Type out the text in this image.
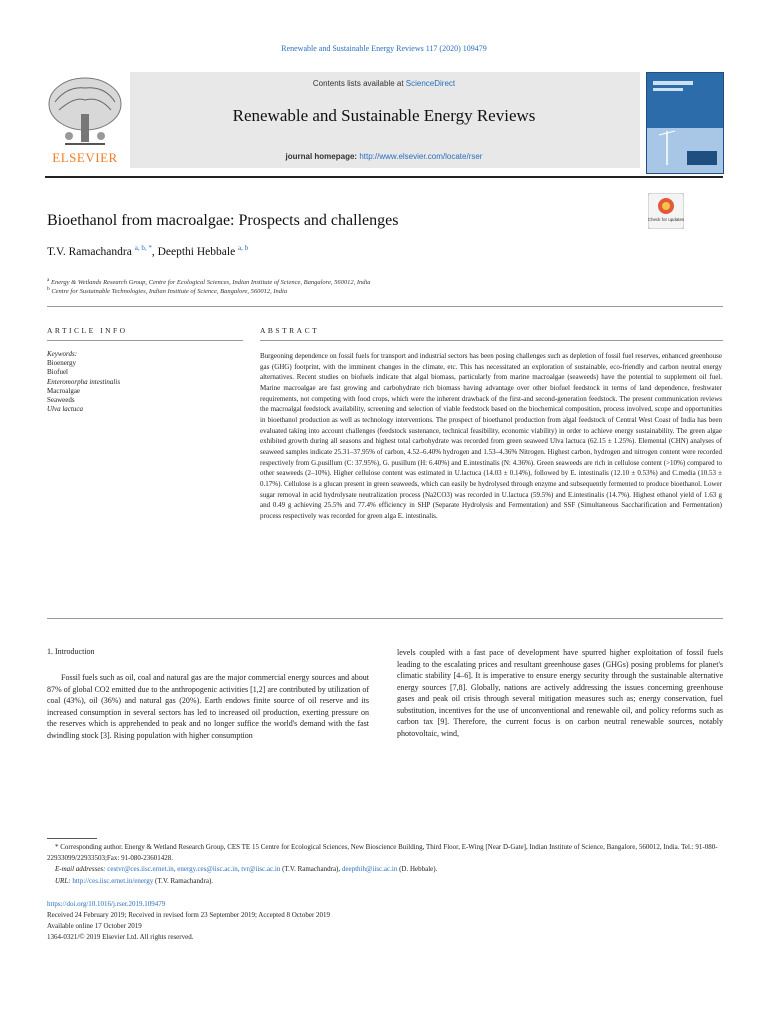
Renewable and Sustainable Energy Reviews 117 (2020) 109479
Contents lists available at ScienceDirect
Renewable and Sustainable Energy Reviews
journal homepage: http://www.elsevier.com/locate/rser
ELSEVIER
Bioethanol from macroalgae: Prospects and challenges	Check for updates
T.V. Ramachandra $^{a, b, *}$, Deepthi Hebbale $^{a, b}$
$^a$ Energy & Wetlands Research Group, Centre for Ecological Sciences, Indian Institute of Science, Bangalore, 560012, India
$^b$ Centre for Sustainable Technologies, Indian Institute of Science, Bangalore, 560012, India
ARTICLE INFO	ABSTRACT
Keywords:
Bioenergy
Biofuel
Enteromorpha intestinalis
Macroalgae
Seaweeds
Ulva lactuca
Burgeoning dependence on fossil fuels for transport and industrial sectors has been posing challenges such as depletion of fossil fuel reserves, enhanced greenhouse gas (GHG) footprint, with the imminent changes in the climate, etc. This has necessitated an exploration of sustainable, eco-friendly and carbon neutral energy alternatives. Recent studies on biofuels indicate that algal biomass, particularly from marine macroalgae (seaweeds) have the potential to supplement oil fuel. Marine macroalgae are fast growing and carbohydrate rich biomass having advantage over other biofuel feedstock in terms of land dependence, freshwater requirements, not competing with food crops, which were the inherent drawback of the first-and second-generation feedstock. The present communication reviews the macroalgal feedstock availability, screening and selection of viable feedstock based on the biochemical composition, process involved, scope and opportunities in bioethanol production as well as technology interventions. The prospect of bioethanol production from algal feedstock of Central West Coast of India has been evaluated taking into account challenges (feedstock sustenance, technical feasibility, economic viability) in order to achieve energy sustainability. The green algae exhibited growth during all seasons and highest total carbohydrate was recorded from green seaweed Ulva lactuca (62.15 ± 1.25%). Elemental (CHN) analyses of seaweed samples indicate 25.31–37.95% of carbon, 4.52–6.40% hydrogen and 1.53–4.36% Nitrogen. Highest carbon, hydrogen and nitrogen content were recorded respectively from G.pusillum (C: 37.95%), G. pusillum (H: 6.40%) and E.intestinalis (N: 4.36%). Green seaweeds are rich in cellulose content (>10%) compared to other seaweeds (2–10%). Higher cellulose content was estimated in U.lactuca (14.03 ± 0.14%), followed by E. intestinalis (12.10 ± 0.53%) and C.media (10.53 ± 0.17%). Cellulose is a glucan present in green seaweeds, which can easily be hydrolysed through enzyme and subsequently fermented to produce bioethanol. Lower sugar removal in acid hydrolysate neutralization process (Na2CO3) was recorded in U.lactuca (59.5%) and E.intestinalis (14.7%). Highest ethanol yield of 1.63 g and 0.49 g achieving 25.5% and 77.4% efficiency in SHP (Separate Hydrolysis and Fermentation) and SSF (Simultaneous Saccharification and Fermentation) process respectively was recorded for green alga E. intestinalis.
1. Introduction
Fossil fuels such as oil, coal and natural gas are the major commercial energy sources and about 87% of global CO2 emitted due to the anthropogenic activities [1,2] are contributed by utilization of coal (43%), oil (36%) and natural gas (20%). Earth endows finite source of oil reserve and its increased consumption in several sectors has led to increased oil production, exerting pressure on the reserves which is apprehended to peak and no longer suffice the world's demand with the fast dwindling stock [3]. Rising population with higher consumption
levels coupled with a fast pace of development have spurred higher exploitation of fossil fuels leading to the escalating prices and resultant greenhouse gases (GHGs) posing problems for planet's climatic stability [4–6]. It is imperative to ensure energy security through the sustainable alternative energy sources [7,8]. Globally, nations are actively addressing the issues concerning greenhouse gases and peak oil crisis through several mitigation measures such as; energy conservation, fuel substitution, incentives for the use of unconventional and renewable oil, and policy reforms such as carbon tax [9]. Therefore, the current focus is on carbon neutral renewable sources, notably photovoltaic, wind,
* Corresponding author. Energy & Wetland Research Group, CES TE 15 Centre for Ecological Sciences, New Bioscience Building, Third Floor, E-Wing [Near D-Gate], Indian Institute of Science, Bangalore, 560012, India. Tel.: 91-080-22933099/22933503;Fax: 91-080-23601428.
E-mail addresses: cestvr@ces.iisc.ernet.in, energy.ces@iisc.ac.in, tvr@iisc.ac.in (T.V. Ramachandra), deepthih@iisc.ac.in (D. Hebbale).
URL: http://ces.iisc.ernet.in/energy (T.V. Ramachandra).
https://doi.org/10.1016/j.rser.2019.109479
Received 24 February 2019; Received in revised form 23 September 2019; Accepted 8 October 2019
Available online 17 October 2019
1364-0321/© 2019 Elsevier Ltd. All rights reserved.
